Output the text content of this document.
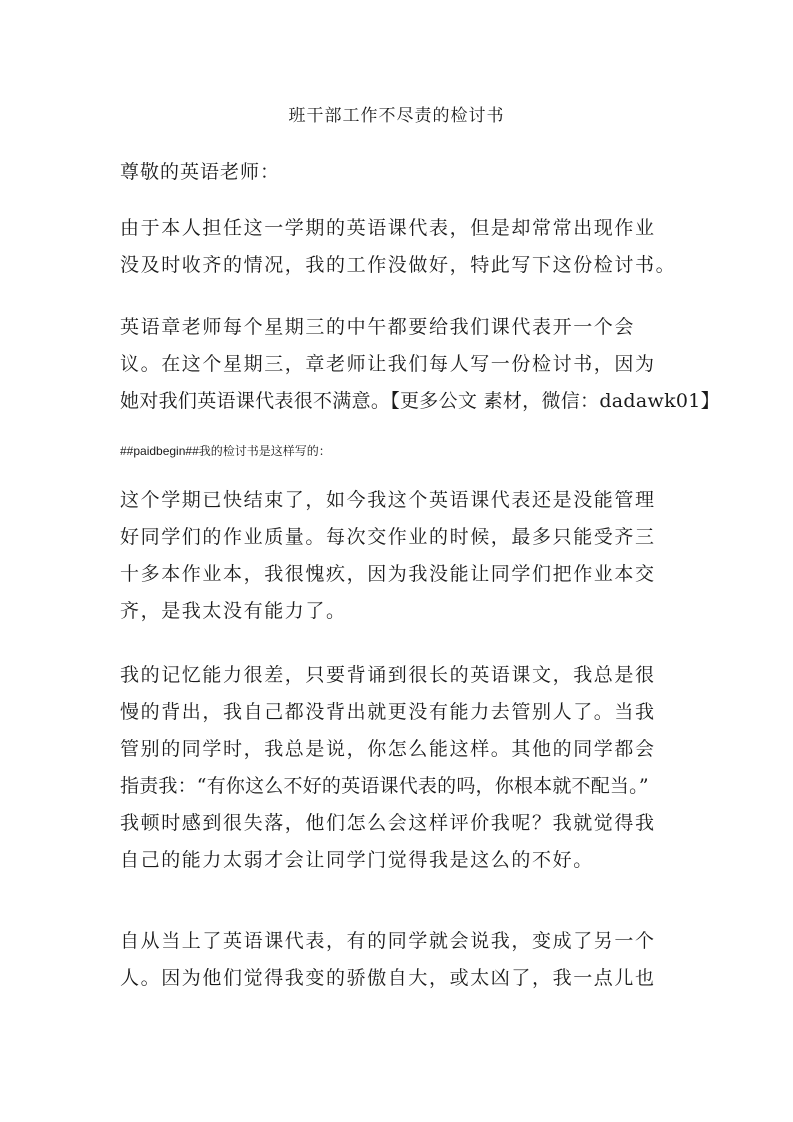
班干部工作不尽责的检讨书
尊敬的英语老师：
由于本人担任这一学期的英语课代表，但是却常常出现作业
没及时收齐的情况，我的工作没做好，特此写下这份检讨书。
英语章老师每个星期三的中午都要给我们课代表开一个会
议。在这个星期三，章老师让我们每人写一份检讨书，因为
她对我们英语课代表很不满意。【更多公文 素材，微信：dadawk01】
##paidbegin##我的检讨书是这样写的：
这个学期已快结束了，如今我这个英语课代表还是没能管理
好同学们的作业质量。每次交作业的时候，最多只能受齐三
十多本作业本，我很愧疚，因为我没能让同学们把作业本交
齐，是我太没有能力了。
我的记忆能力很差，只要背诵到很长的英语课文，我总是很
慢的背出，我自己都没背出就更没有能力去管别人了。当我
管别的同学时，我总是说，你怎么能这样。其他的同学都会
指责我：“有你这么不好的英语课代表的吗，你根本就不配当。”
我顿时感到很失落，他们怎么会这样评价我呢？我就觉得我
自己的能力太弱才会让同学门觉得我是这么的不好。
自从当上了英语课代表，有的同学就会说我，变成了另一个
人。因为他们觉得我变的骄傲自大，或太凶了，我一点儿也
